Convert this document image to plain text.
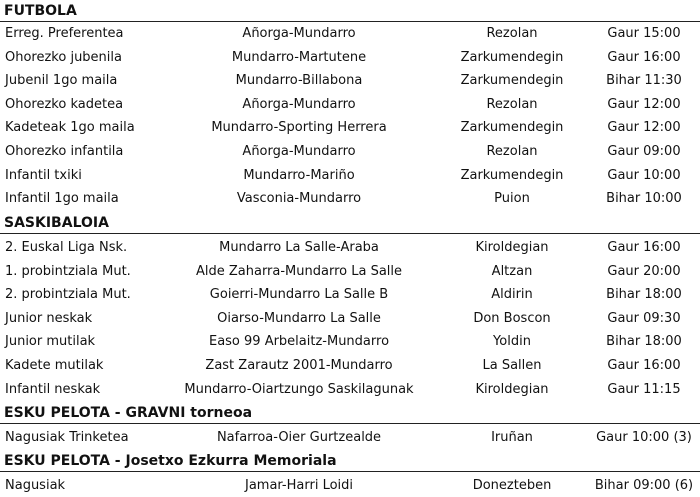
FUTBOLA
Erreg. Preferentea	Añorga-Mundarro	Rezolan	Gaur 15:00
Ohorezko jubenila	Mundarro-Martutene	Zarkumendegin	Gaur 16:00
Jubenil 1go maila	Mundarro-Billabona	Zarkumendegin	Bihar 11:30
Ohorezko kadetea	Añorga-Mundarro	Rezolan	Gaur 12:00
Kadeteak 1go maila	Mundarro-Sporting Herrera	Zarkumendegin	Gaur 12:00
Ohorezko infantila	Añorga-Mundarro	Rezolan	Gaur 09:00
Infantil txiki	Mundarro-Mariño	Zarkumendegin	Gaur 10:00
Infantil 1go maila	Vasconia-Mundarro	Puion	Bihar 10:00
SASKIBALOIA
2. Euskal Liga Nsk.	Mundarro La Salle-Araba	Kiroldegian	Gaur 16:00
1. probintziala Mut.	Alde Zaharra-Mundarro La Salle	Altzan	Gaur 20:00
2. probintziala Mut.	Goierri-Mundarro La Salle B	Aldirin	Bihar 18:00
Junior neskak	Oiarso-Mundarro La Salle	Don Boscon	Gaur 09:30
Junior mutilak	Easo 99 Arbelaitz-Mundarro	Yoldin	Bihar 18:00
Kadete mutilak	Zast Zarautz 2001-Mundarro	La Sallen	Gaur 16:00
Infantil neskak	Mundarro-Oiartzungo Saskilagunak	Kiroldegian	Gaur 11:15
ESKU PELOTA - GRAVNI torneoa
Nagusiak Trinketea	Nafarroa-Oier Gurtzealde	Iruñan	Gaur 10:00 (3)
ESKU PELOTA - Josetxo Ezkurra Memoriala
Nagusiak	Jamar-Harri Loidi	Donezteben	Bihar 09:00 (6)
